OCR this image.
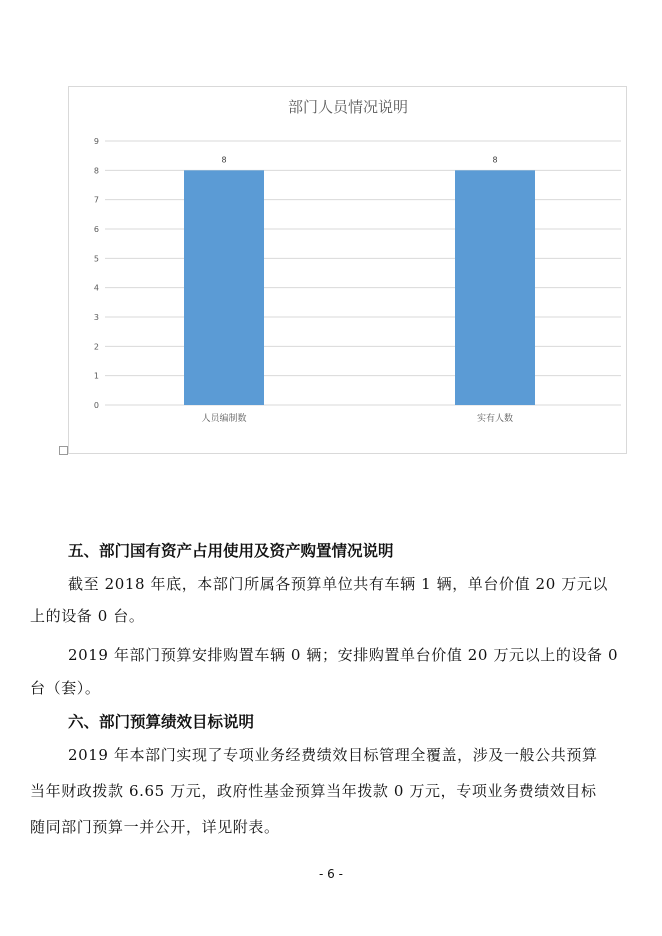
部门人员情况说明
0
1
2
3
4
5
6
7
8
9
8	8
人员编制数	实有人数
五、部门国有资产占用使用及资产购置情况说明
截至 2018 年底，本部门所属各预算单位共有车辆 1 辆，单台价值 20 万元以
上的设备 0 台。
2019 年部门预算安排购置车辆 0 辆；安排购置单台价值 20 万元以上的设备 0
台（套）。
六、部门预算绩效目标说明
2019 年本部门实现了专项业务经费绩效目标管理全覆盖，涉及一般公共预算
当年财政拨款 6.65 万元，政府性基金预算当年拨款 0 万元，专项业务费绩效目标
随同部门预算一并公开，详见附表。
- 6 -
